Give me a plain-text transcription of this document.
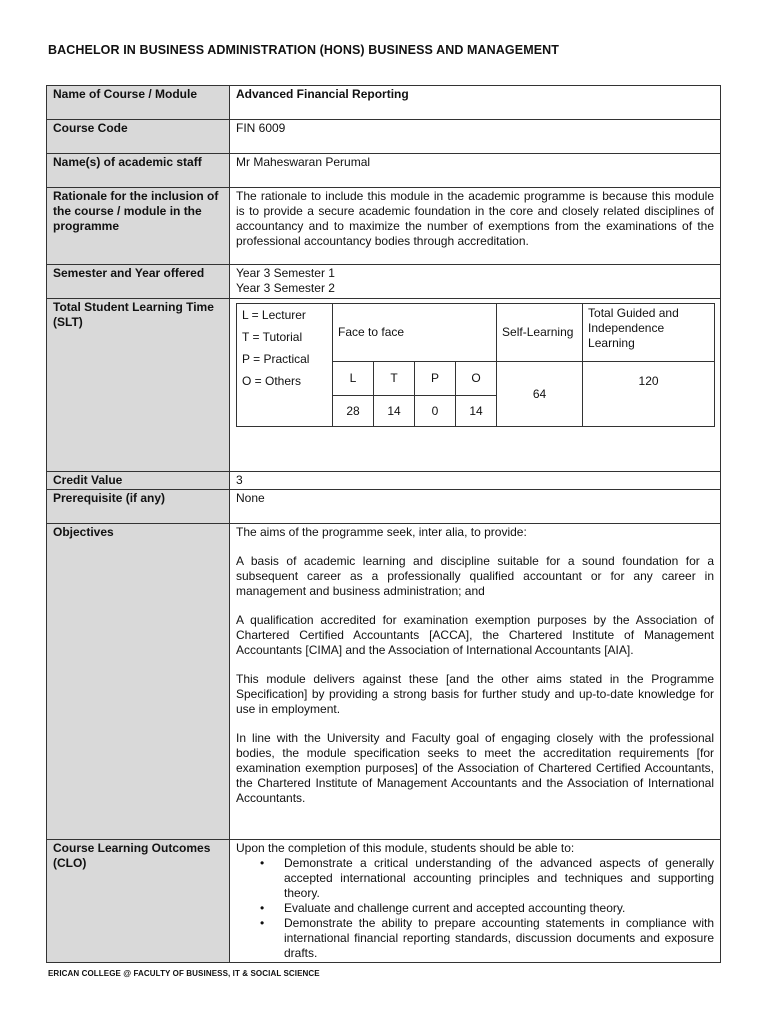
BACHELOR IN BUSINESS ADMINISTRATION (HONS) BUSINESS AND MANAGEMENT
Name of Course / Module	Advanced Financial Reporting
Course Code	FIN 6009
Name(s) of academic staff	Mr Maheswaran Perumal
Rationale for the inclusion of the course / module in the programme	The rationale to include this module in the academic programme is because this module is to provide a secure academic foundation in the core and closely related disciplines of accountancy and to maximize the number of exemptions from the examinations of the professional accountancy bodies through accreditation.
Semester and Year offered	Year 3 Semester 1
Year 3 Semester 2

Total Student Learning Time (SLT)		L = Lecturer
T = Tutorial
P = Practical
O = Others
	Face to face	Self-Learning	Total Guided and Independence Learning
L	T	P	O	64	120
28	14	0	14

Credit Value	3
Prerequisite (if any)	None
Objectives	The aims of the programme seek, inter alia, to provide:

A basis of academic learning and discipline suitable for a sound foundation for a subsequent career as a professionally qualified accountant or for any career in management and business administration; and

A qualification accredited for examination exemption purposes by the Association of Chartered Certified Accountants [ACCA], the Chartered Institute of Management Accountants [CIMA] and the Association of International Accountants [AIA].

This module delivers against these [and the other aims stated in the Programme Specification] by providing a strong basis for further study and up-to-date knowledge for use in employment.

In line with the University and Faculty goal of engaging closely with the professional bodies, the module specification seeks to meet the accreditation requirements [for examination exemption purposes] of the Association of Chartered Certified Accountants, the Chartered Institute of Management Accountants and the Association of International Accountants.

Course Learning Outcomes (CLO)	
Upon the completion of this module, students should be able to:
• Demonstrate a critical understanding of the advanced aspects of generally accepted international accounting principles and techniques and supporting theory.
• Evaluate and challenge current and accepted accounting theory.
• Demonstrate the ability to prepare accounting statements in compliance with international financial reporting standards, discussion documents and exposure drafts.
ERICAN COLLEGE @ FACULTY OF BUSINESS, IT & SOCIAL SCIENCE
